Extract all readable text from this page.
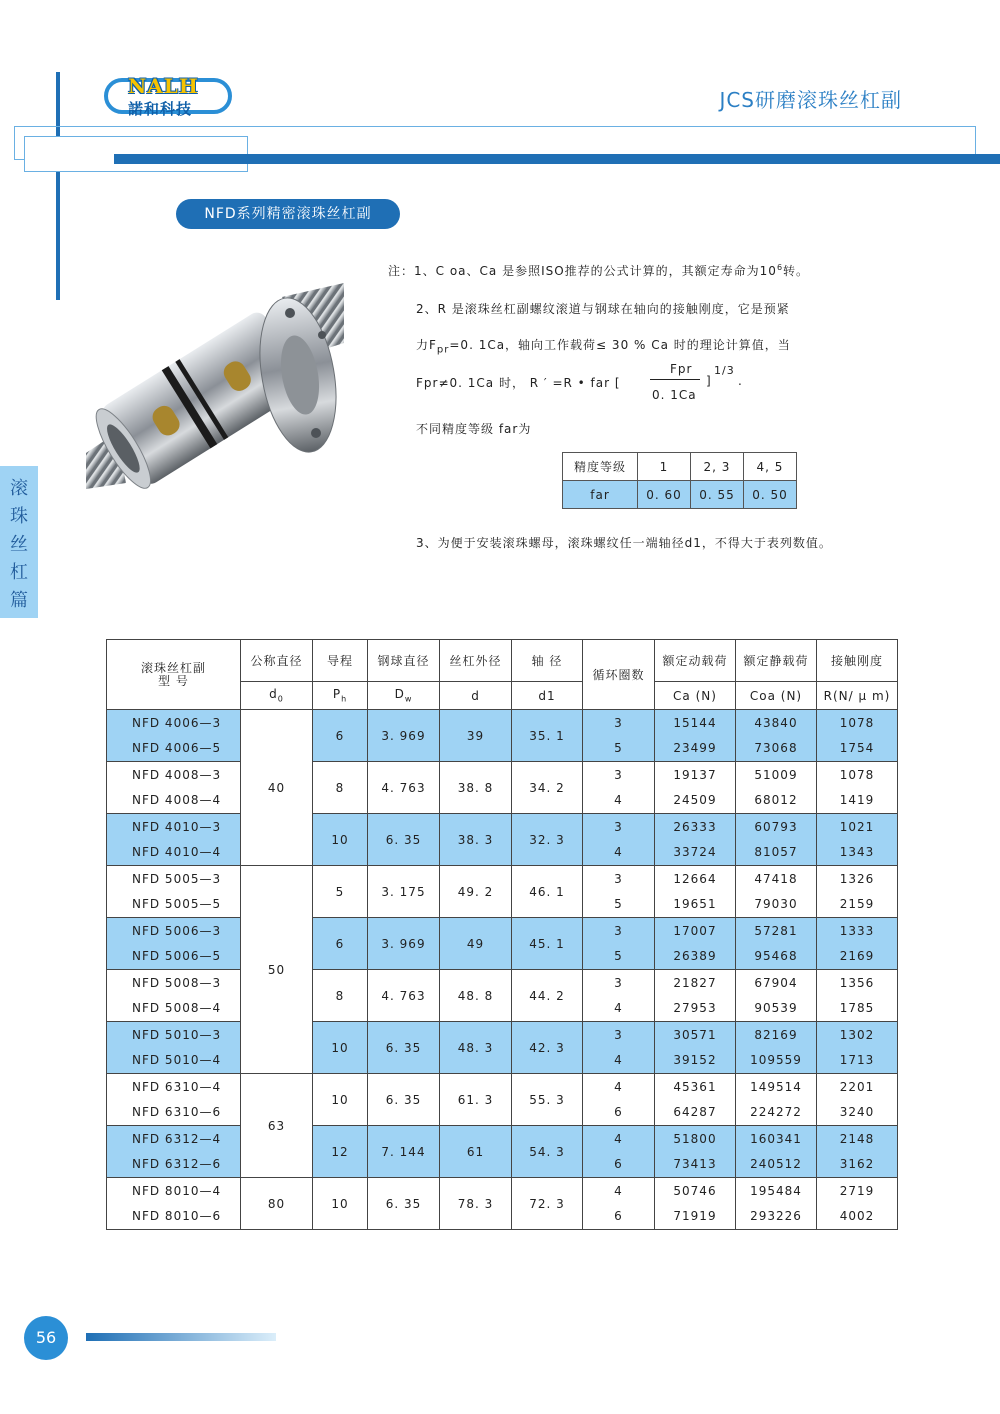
NALH
諾和科技	JCS研磨滚珠丝杠副
NFD系列精密滚珠丝杠副
注：1、C oa、Ca 是参照ISO推荐的公式计算的，其额定寿命为$10^6$转。
2、R 是滚珠丝杠副螺纹滚道与钢球在轴向的接触刚度，它是预紧
力$F_{pr}=0$. 1Ca，轴向工作载荷≤ 30 % Ca 时的理论计算值，当
Fpr≠0. 1Ca 时， R ′ =R • far [
Fpr
0. 1Ca
]
1/3
.
不同精度等级 far为
3、为便于安装滚珠螺母，滚珠螺纹任一端轴径d1，不得大于表列数值。
精度等级	1	2, 3	4, 5
far	0. 60	0. 55	0. 50
滚
珠
丝
杠
篇
滚珠丝杠副
型 号	公称直径	导程	钢球直径	丝杠外径	轴 径	循环圈数	额定动载荷	额定静载荷	接触刚度
	$d_0$	$P_h$	$D_w$	d	d1		Ca (N)	Coa (N)	R(N/ μ m)
NFD 4006—3	40	6	3. 969	39	35. 1	3	15144	43840	1078
NFD 4006—5						5	23499	73068	1754
NFD 4008—3		8	4. 763	38. 8	34. 2	3	19137	51009	1078
NFD 4008—4						4	24509	68012	1419
NFD 4010—3		10	6. 35	38. 3	32. 3	3	26333	60793	1021
NFD 4010—4						4	33724	81057	1343
NFD 5005—3	50	5	3. 175	49. 2	46. 1	3	12664	47418	1326
NFD 5005—5						5	19651	79030	2159
NFD 5006—3		6	3. 969	49	45. 1	3	17007	57281	1333
NFD 5006—5						5	26389	95468	2169
NFD 5008—3		8	4. 763	48. 8	44. 2	3	21827	67904	1356
NFD 5008—4						4	27953	90539	1785
NFD 5010—3		10	6. 35	48. 3	42. 3	3	30571	82169	1302
NFD 5010—4						4	39152	109559	1713
NFD 6310—4	63	10	6. 35	61. 3	55. 3	4	45361	149514	2201
NFD 6310—6						6	64287	224272	3240
NFD 6312—4		12	7. 144	61	54. 3	4	51800	160341	2148
NFD 6312—6						6	73413	240512	3162
NFD 8010—4	80	10	6. 35	78. 3	72. 3	4	50746	195484	2719
NFD 8010—6						6	71919	293226	4002
56
